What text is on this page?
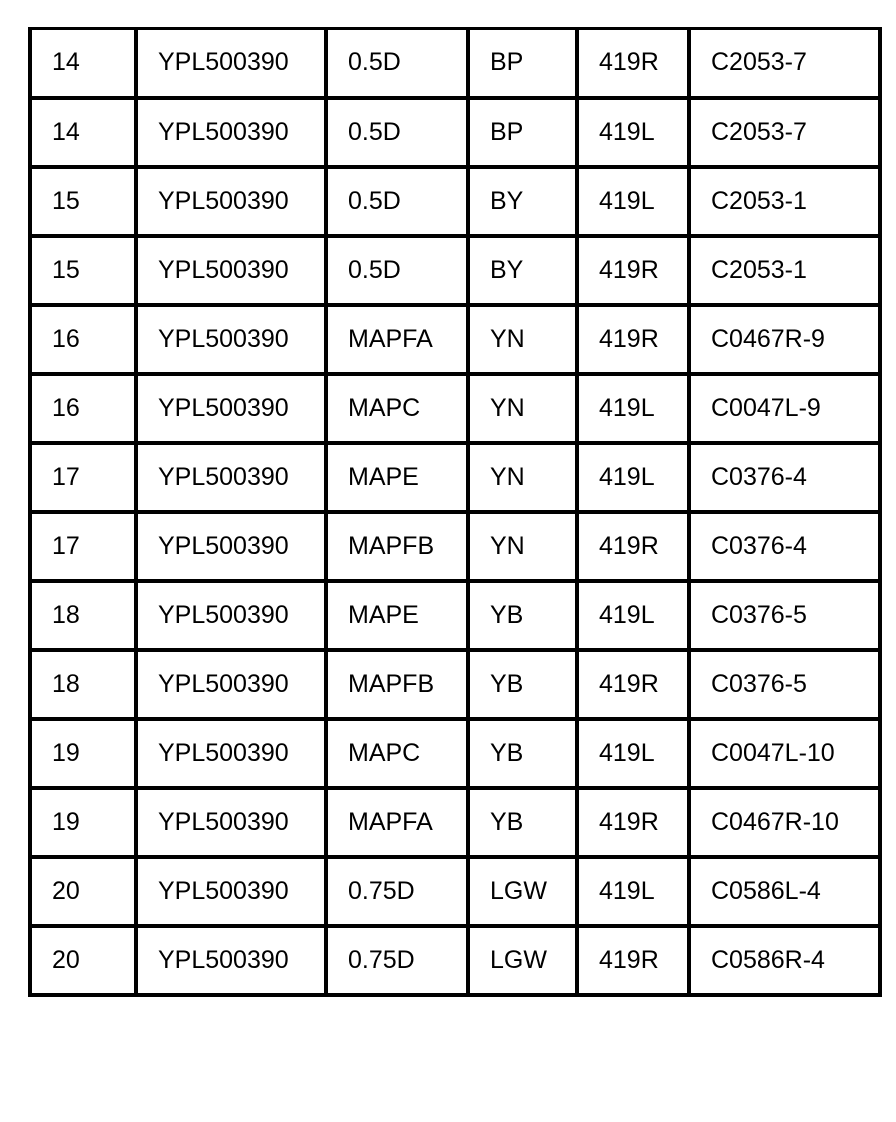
14	YPL500390	0.5D	BP	419R	C2053-7
14	YPL500390	0.5D	BP	419L	C2053-7
15	YPL500390	0.5D	BY	419L	C2053-1
15	YPL500390	0.5D	BY	419R	C2053-1
16	YPL500390	MAPFA	YN	419R	C0467R-9
16	YPL500390	MAPC	YN	419L	C0047L-9
17	YPL500390	MAPE	YN	419L	C0376-4
17	YPL500390	MAPFB	YN	419R	C0376-4
18	YPL500390	MAPE	YB	419L	C0376-5
18	YPL500390	MAPFB	YB	419R	C0376-5
19	YPL500390	MAPC	YB	419L	C0047L-10
19	YPL500390	MAPFA	YB	419R	C0467R-10
20	YPL500390	0.75D	LGW	419L	C0586L-4
20	YPL500390	0.75D	LGW	419R	C0586R-4
